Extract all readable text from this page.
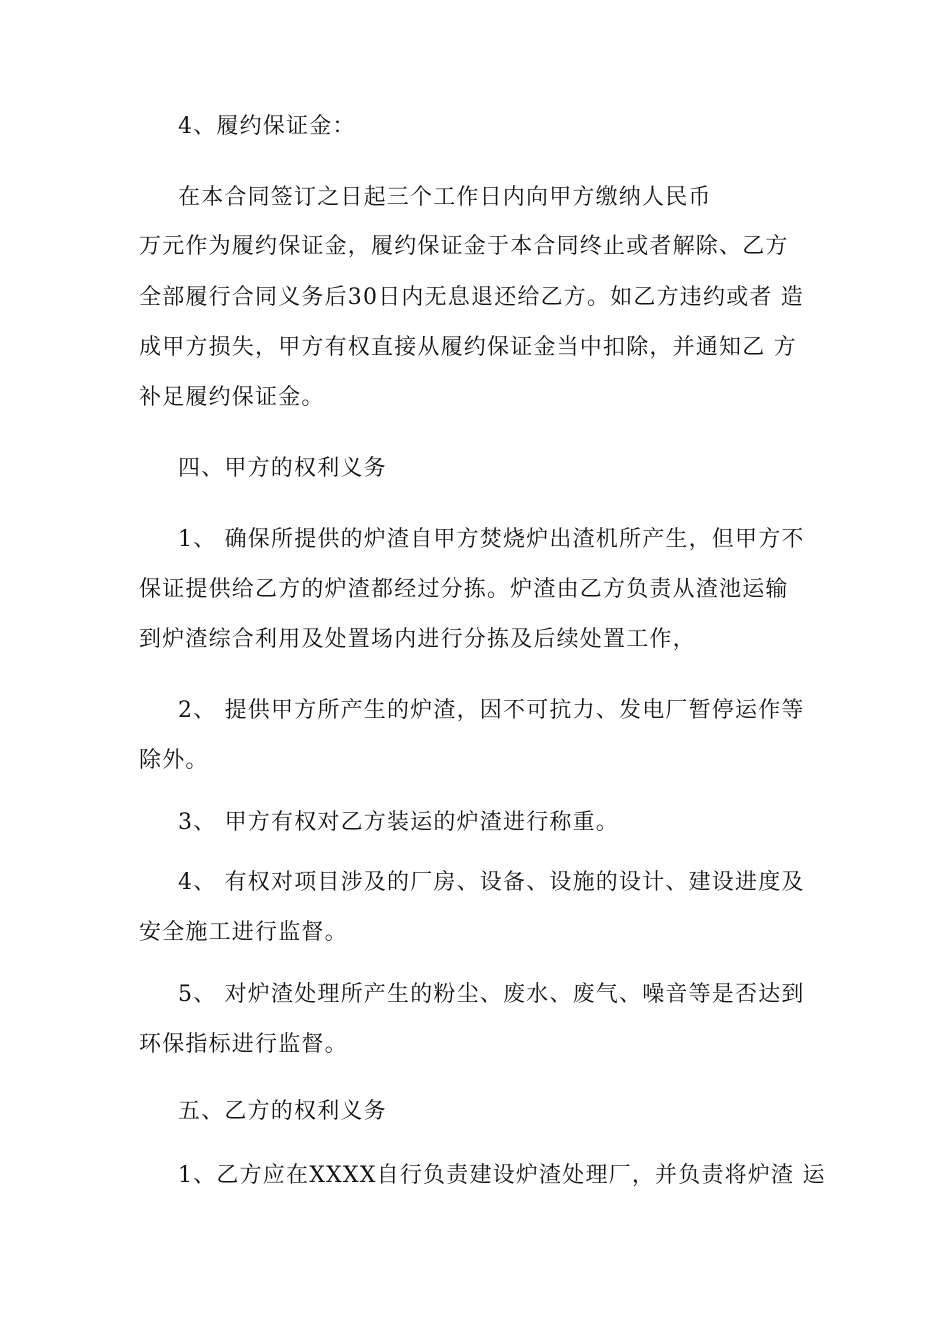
4、履约保证金：
在本合同签订之日起三个工作日内向甲方缴纳人民币
万元作为履约保证金，履约保证金于本合同终止或者解除、乙方
全部履行合同义务后30日内无息退还给乙方。如乙方违约或者 造
成甲方损失，甲方有权直接从履约保证金当中扣除，并通知乙 方
补足履约保证金。
四、甲方的权利义务
1、 确保所提供的炉渣自甲方焚烧炉出渣机所产生，但甲方不
保证提供给乙方的炉渣都经过分拣。炉渣由乙方负责从渣池运输
到炉渣综合利用及处置场内进行分拣及后续处置工作，
2、 提供甲方所产生的炉渣，因不可抗力、发电厂暂停运作等
除外。
3、 甲方有权对乙方装运的炉渣进行称重。
4、 有权对项目涉及的厂房、设备、设施的设计、建设进度及
安全施工进行监督。
5、 对炉渣处理所产生的粉尘、废水、废气、噪音等是否达到
环保指标进行监督。
五、乙方的权利义务
1、乙方应在XXXX自行负责建设炉渣处理厂，并负责将炉渣 运
